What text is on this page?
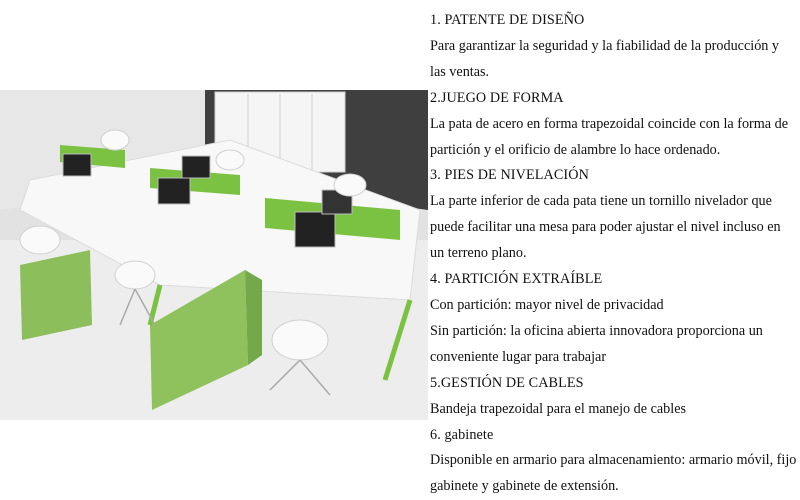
1. PATENTE DE DISEÑO

Para garantizar la seguridad y la fiabilidad de la producción y las ventas.

2.JUEGO DE FORMA

La pata de acero en forma trapezoidal coincide con la forma de partición y el orificio de alambre lo hace ordenado.

3. PIES DE NIVELACIÓN

La parte inferior de cada pata tiene un tornillo nivelador que puede facilitar una mesa para poder ajustar el nivel incluso en un terreno plano.

4. PARTICIÓN EXTRAÍBLE

Con partición: mayor nivel de privacidad

Sin partición: la oficina abierta innovadora proporciona un conveniente lugar para trabajar

5.GESTIÓN DE CABLES

Bandeja trapezoidal para el manejo de cables

6. gabinete

Disponible en armario para almacenamiento: armario móvil, fijo gabinete y gabinete de extensión.
